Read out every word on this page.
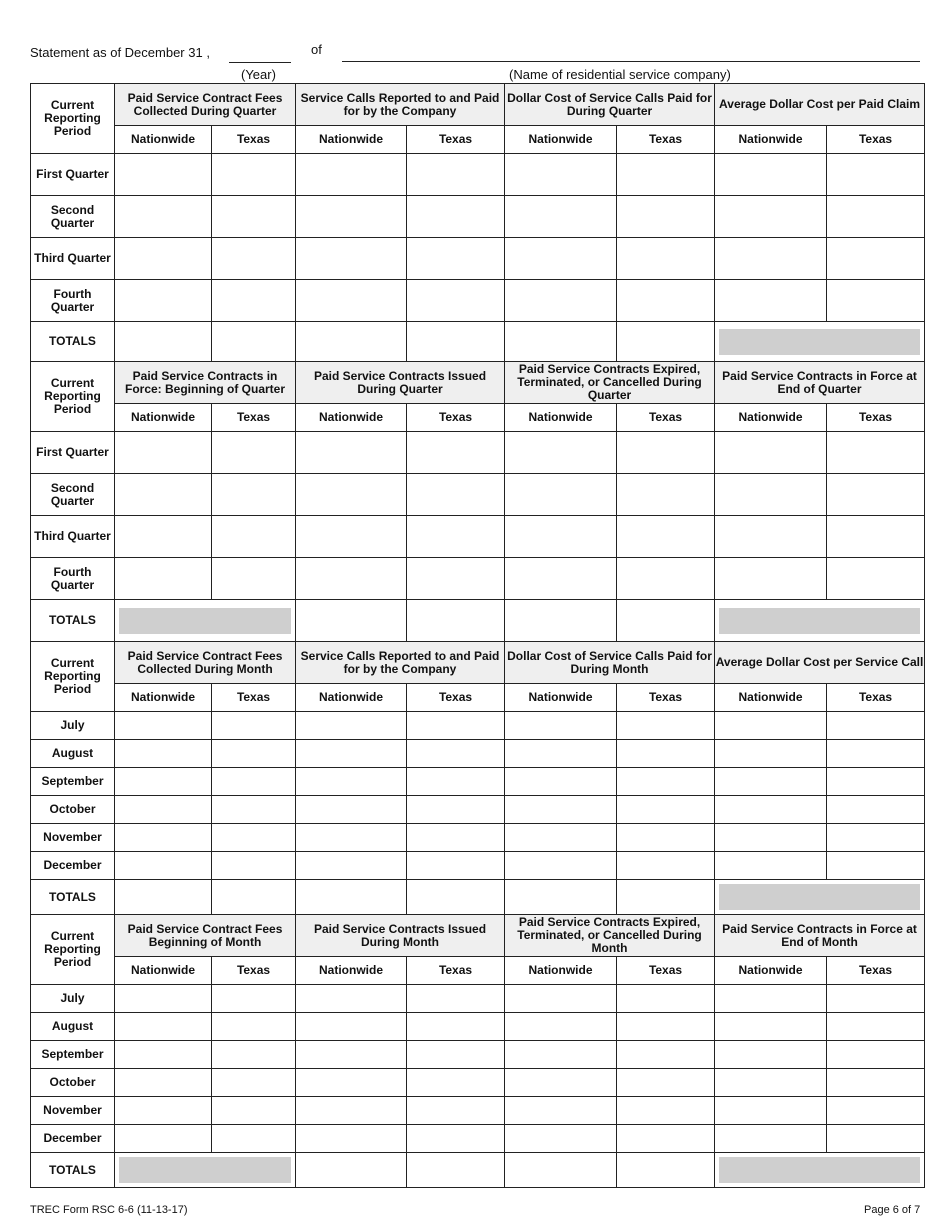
Statement as of December 31 ,	of
(Year)	(Name of residential service company)
Current Reporting Period	Paid Service Contract Fees Collected During Quarter		Service Calls Reported to and Paid for by the Company		Dollar Cost of Service Calls Paid for During Quarter		Average Dollar Cost per Paid Claim	
	Nationwide	Texas	Nationwide	Texas	Nationwide	Texas	Nationwide	Texas
First Quarter								
Second Quarter								
Third Quarter								
Fourth Quarter								
TOTALS								

Current Reporting Period	Paid Service Contracts in Force: Beginning of Quarter		Paid Service Contracts Issued During Quarter		Paid Service Contracts Expired, Terminated, or Cancelled During Quarter		Paid Service Contracts in Force at End of Quarter	
	Nationwide	Texas	Nationwide	Texas	Nationwide	Texas	Nationwide	Texas
First Quarter								
Second Quarter								
Third Quarter								
Fourth Quarter								
TOTALS			

Current Reporting Period	Paid Service Contract Fees Collected During Month		Service Calls Reported to and Paid for by the Company		Dollar Cost of Service Calls Paid for During Month		Average Dollar Cost per Service Call	
	Nationwide	Texas	Nationwide	Texas	Nationwide	Texas	Nationwide	Texas
July								
August								
September								
October								
November								
December								
TOTALS								

Current Reporting Period	Paid Service Contract Fees Beginning of Month		Paid Service Contracts Issued During Month		Paid Service Contracts Expired, Terminated, or Cancelled During Month		Paid Service Contracts in Force at End of Month	
	Nationwide	Texas	Nationwide	Texas	Nationwide	Texas	Nationwide	Texas
July								
August								
September								
October								
November								
December								
TOTALS			

TREC Form RSC 6-6 (11-13-17)	Page 6 of 7
